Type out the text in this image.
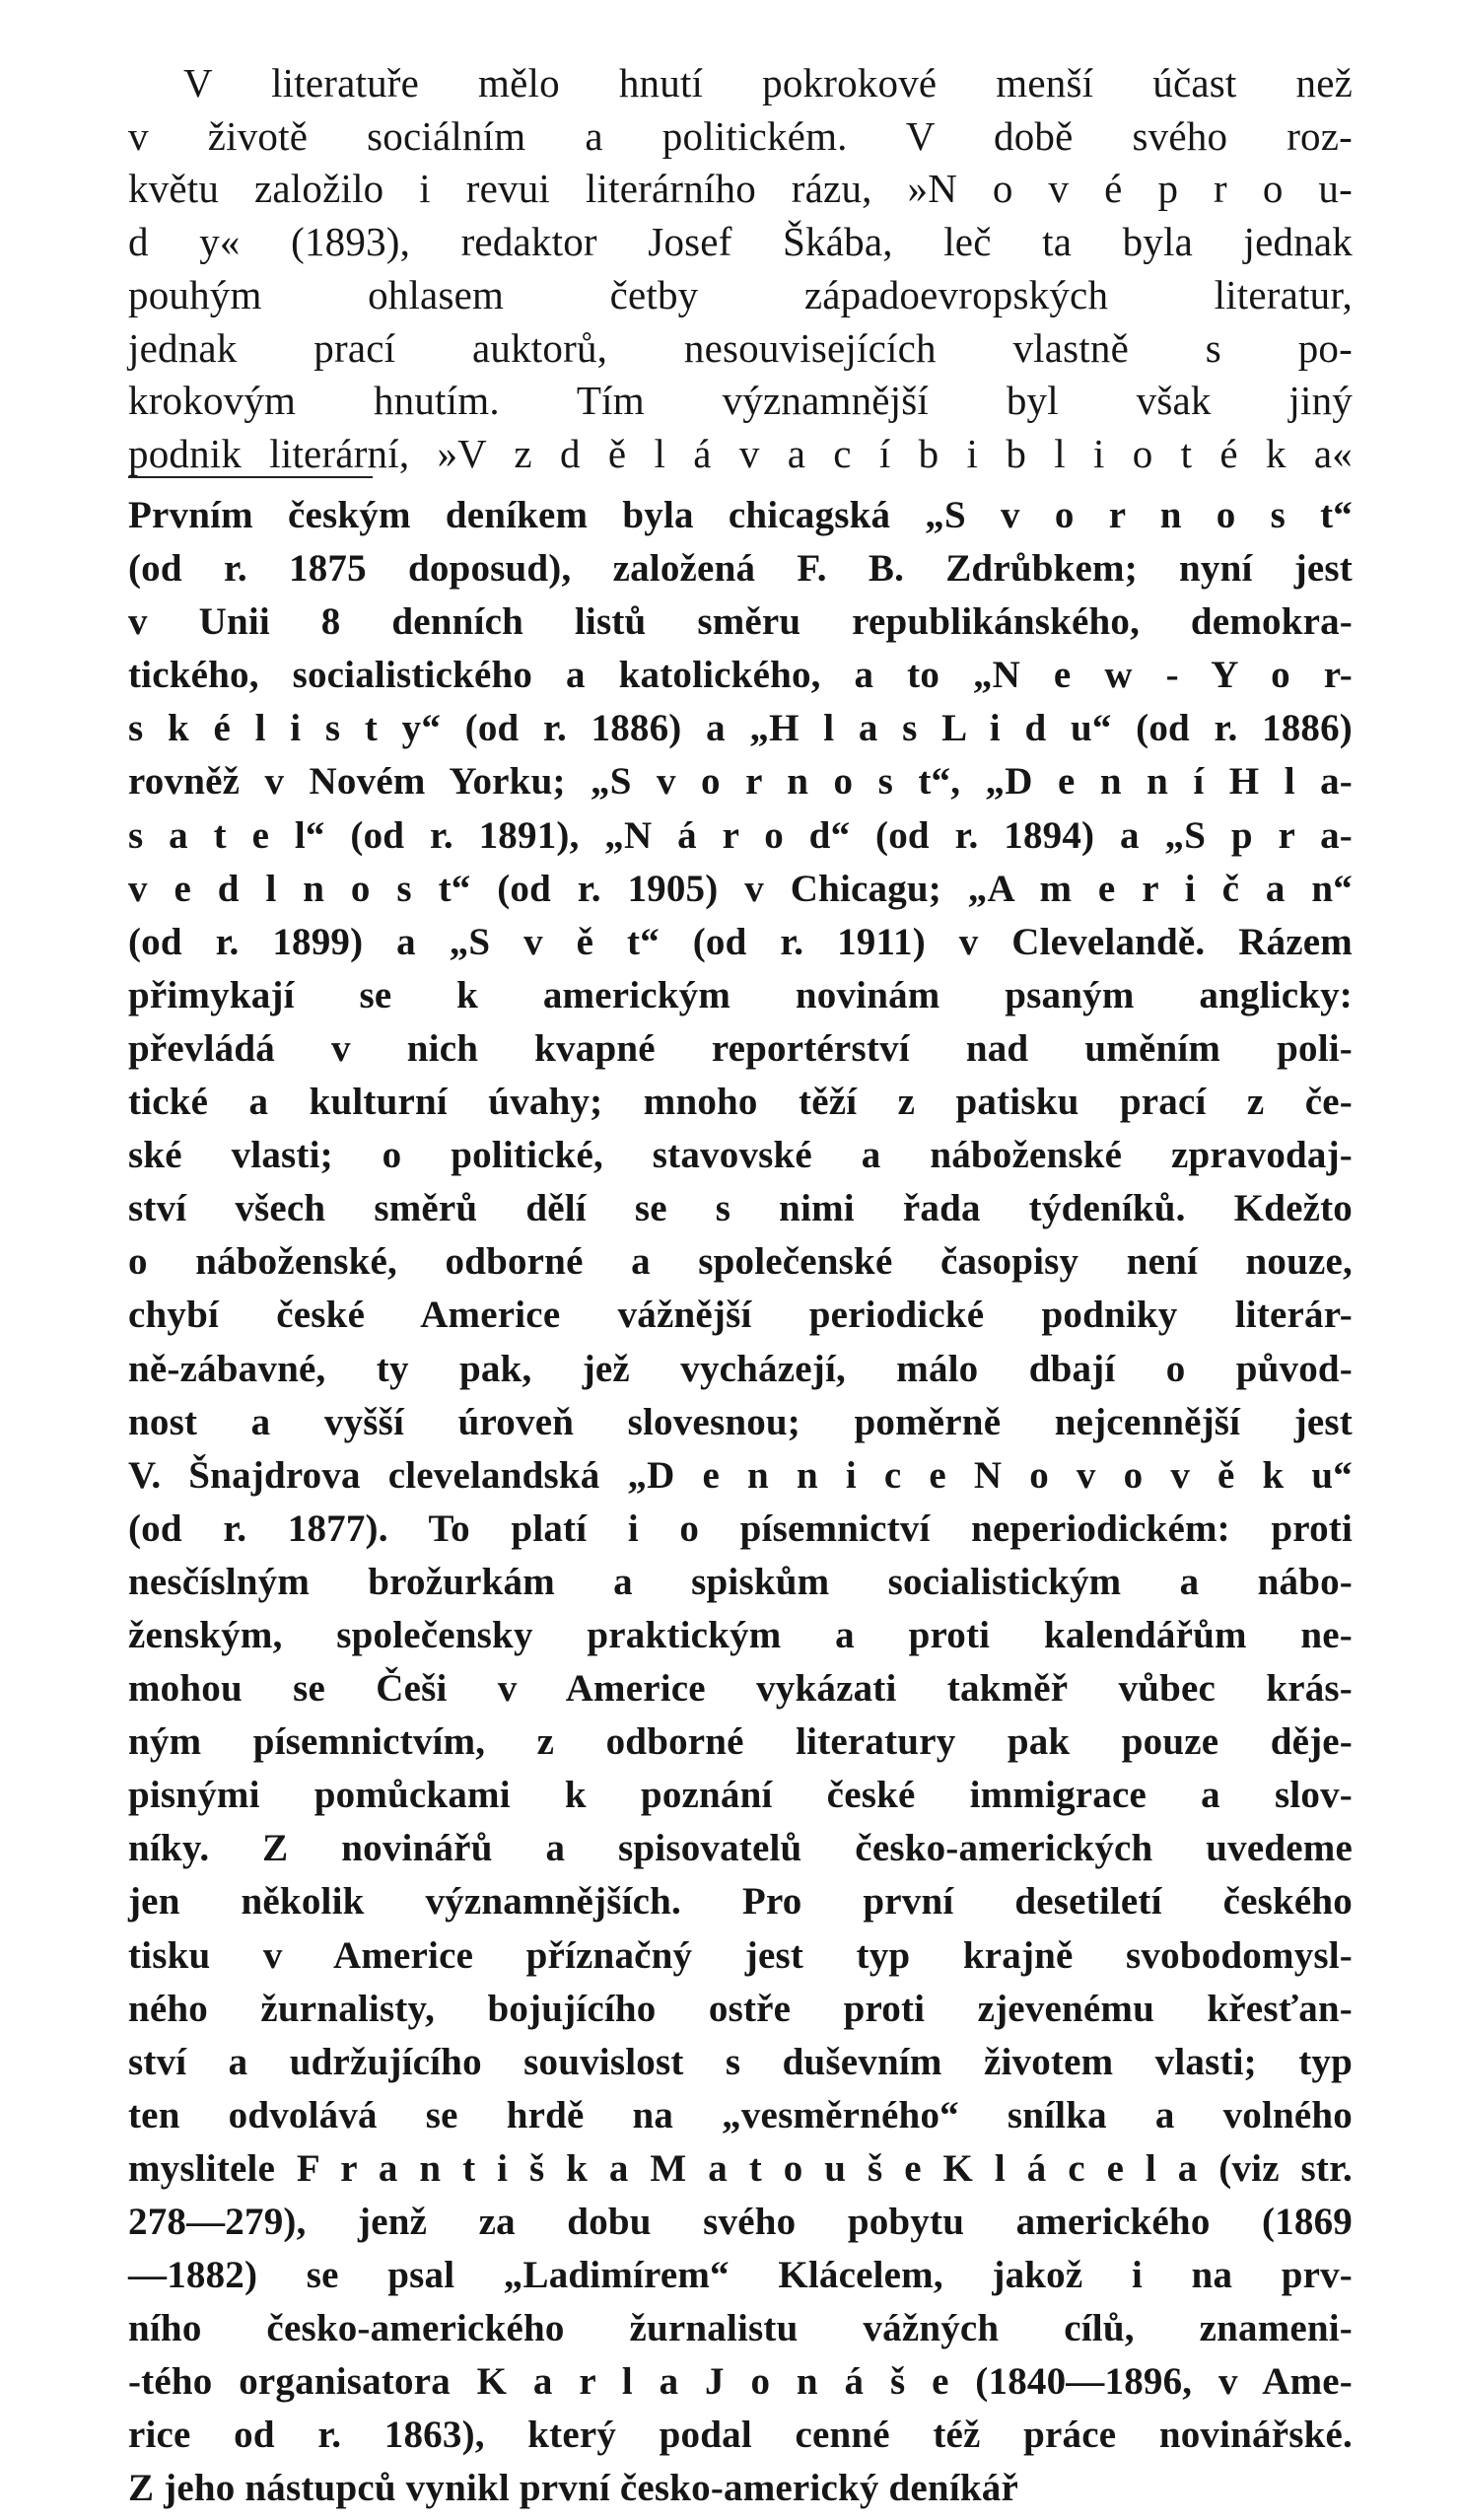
V literatuře mělo hnutí pokrokové menší účast než
v životě sociálním a politickém. V době svého roz-
květu založilo i revui literárního rázu, »N o v é p r o u-
d y« (1893), redaktor Josef Škába, leč ta byla jednak
pouhým ohlasem četby západoevropských literatur,
jednak prací auktorů, nesouvisejících vlastně s po-
krokovým hnutím. Tím významnější byl však jiný
podnik literární, »V z d ě l á v a c í b i b l i o t é k a«
Prvním českým deníkem byla chicagská „S v o r n o s t“
(od r. 1875 doposud), založená F. B. Zdrůbkem; nyní jest
v Unii 8 denních listů směru republikánského, demokra-
tického, socialistického a katolického, a to „N e w - Y o r-
s k é l i s t y“ (od r. 1886) a „H l a s L i d u“ (od r. 1886)
rovněž v Novém Yorku; „S v o r n o s t“, „D e n n í H l a-
s a t e l“ (od r. 1891), „N á r o d“ (od r. 1894) a „S p r a-
v e d l n o s t“ (od r. 1905) v Chicagu; „A m e r i č a n“
(od r. 1899) a „S v ě t“ (od r. 1911) v Clevelandě. Rázem
přimykají se k americkým novinám psaným anglicky:
převládá v nich kvapné reportérství nad uměním poli-
tické a kulturní úvahy; mnoho těží z patisku prací z če-
ské vlasti; o politické, stavovské a náboženské zpravodaj-
ství všech směrů dělí se s nimi řada týdeníků. Kdežto
o náboženské, odborné a společenské časopisy není nouze,
chybí české Americe vážnější periodické podniky literár-
ně-zábavné, ty pak, jež vycházejí, málo dbají o původ-
nost a vyšší úroveň slovesnou; poměrně nejcennější jest
V. Šnajdrova clevelandská „D e n n i c e N o v o v ě k u“
(od r. 1877). To platí i o písemnictví neperiodickém: proti
nesčíslným brožurkám a spiskům socialistickým a nábo-
ženským, společensky praktickým a proti kalendářům ne-
mohou se Češi v Americe vykázati takměř vůbec krás-
ným písemnictvím, z odborné literatury pak pouze děje-
pisnými pomůckami k poznání české immigrace a slov-
níky. Z novinářů a spisovatelů česko-amerických uvedeme
jen několik významnějších. Pro první desetiletí českého
tisku v Americe příznačný jest typ krajně svobodomysl-
ného žurnalisty, bojujícího ostře proti zjevenému křesťan-
ství a udržujícího souvislost s duševním životem vlasti; typ
ten odvolává se hrdě na „vesměrného“ snílka a volného
myslitele F r a n t i š k a M a t o u š e K l á c e l a (viz str.
278—279), jenž za dobu svého pobytu amerického (1869
—1882) se psal „Ladimírem“ Klácelem, jakož i na prv-
ního česko-amerického žurnalistu vážných cílů, znameni-
-tého organisatora K a r l a J o n á š e (1840—1896, v Ame-
rice od r. 1863), který podal cenné též práce novinářské.
Z jeho nástupců vynikl první česko-americký deníkář
